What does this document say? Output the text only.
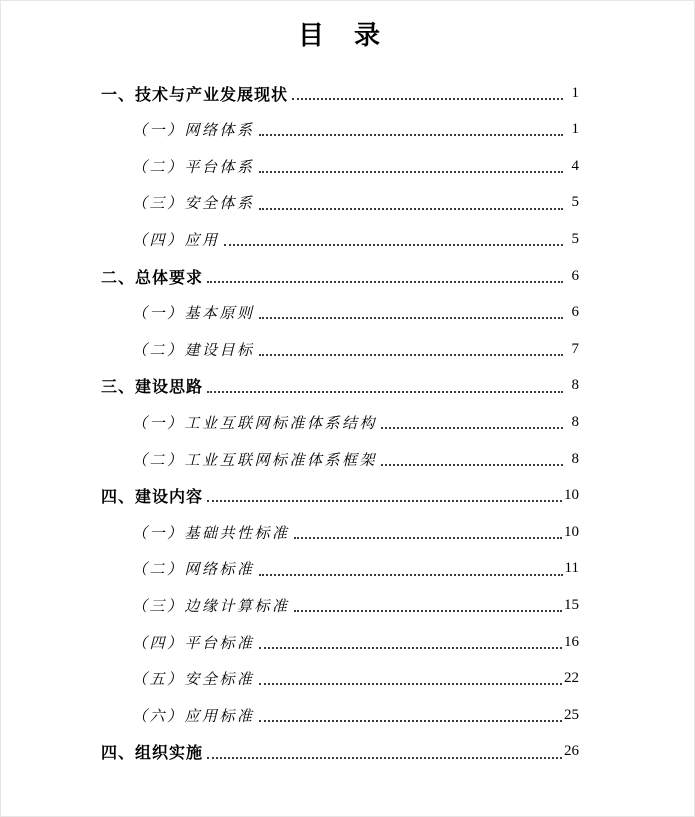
目　录
一、技术与产业发展现状	1
（一）网络体系	1
（二）平台体系	4
（三）安全体系	5
（四）应用	5
二、总体要求	6
（一）基本原则	6
（二）建设目标	7
三、建设思路	8
（一）工业互联网标准体系结构	8
（二）工业互联网标准体系框架	8
四、建设内容	10
（一）基础共性标准	10
（二）网络标准	11
（三）边缘计算标准	15
（四）平台标准	16
（五）安全标准	22
（六）应用标准	25
四、组织实施	26
